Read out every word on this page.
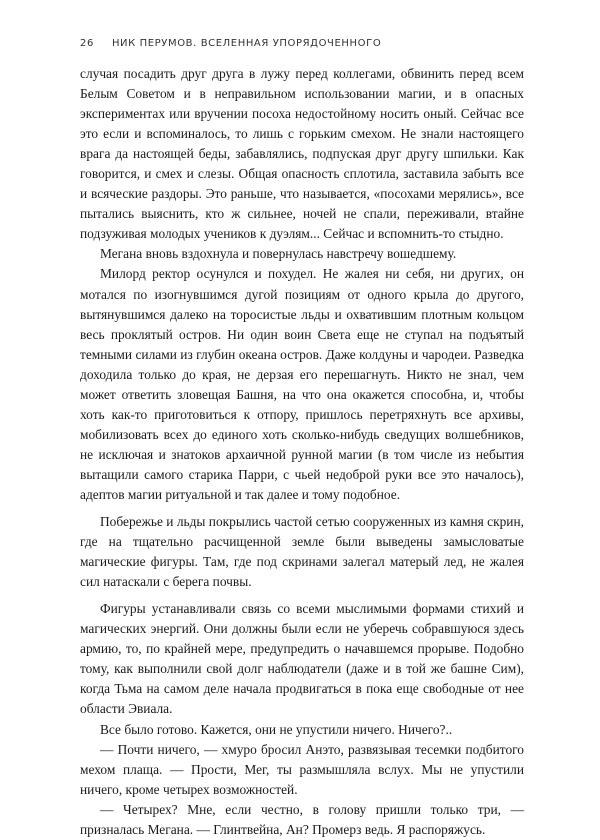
26 НИК ПЕРУМОВ. ВСЕЛЕННАЯ УПОРЯДОЧЕННОГО

случая посадить друг друга в лужу перед коллегами, обвинить перед всем Белым Советом и в неправильном использовании магии, и в опасных экспериментах или вручении посоха недостойному носить оный. Сейчас все это если и вспоминалось, то лишь с горьким смехом. Не знали настоящего врага да настоящей беды, забавлялись, подпуская друг другу шпильки. Как говорится, и смех и слезы. Общая опасность сплотила, заставила забыть все и всяческие раздоры. Это раньше, что называется, «посохами мерялись», все пытались выяснить, кто ж сильнее, ночей не спали, переживали, втайне подзуживая молодых учеников к дуэлям... Сейчас и вспомнить-то стыдно.

Мегана вновь вздохнула и повернулась навстречу вошедшему.

Милорд ректор осунулся и похудел. Не жалея ни себя, ни других, он мотался по изогнувшимся дугой позициям от одного крыла до другого, вытянувшимся далеко на торосистые льды и охватившим плотным кольцом весь проклятый остров. Ни один воин Света еще не ступал на подъятый темными силами из глубин океана остров. Даже колдуны и чародеи. Разведка доходила только до края, не дерзая его перешагнуть. Никто не знал, чем может ответить зловещая Башня, на что она окажется способна, и, чтобы хоть как-то приготовиться к отпору, пришлось перетряхнуть все архивы, мобилизовать всех до единого хоть сколько-нибудь сведущих волшебников, не исключая и знатоков архаичной рунной магии (в том числе из небытия вытащили самого старика Парри, с чьей недоброй руки все это началось), адептов магии ритуальной и так далее и тому подобное.

Побережье и льды покрылись частой сетью сооруженных из камня скрин, где на тщательно расчищенной земле были выведены замысловатые магические фигуры. Там, где под скринами залегал матерый лед, не жалея сил натаскали с берега почвы.

Фигуры устанавливали связь со всеми мыслимыми формами стихий и магических энергий. Они должны были если не уберечь собравшуюся здесь армию, то, по крайней мере, предупредить о начавшемся прорыве. Подобно тому, как выполнили свой долг наблюдатели (даже и в той же башне Сим), когда Тьма на самом деле начала продвигаться в пока еще свободные от нее области Эвиала.

Все было готово. Кажется, они не упустили ничего. Ничего?..

— Почти ничего, — хмуро бросил Анэто, развязывая тесемки подбитого мехом плаща. — Прости, Мег, ты размышляла вслух. Мы не упустили ничего, кроме четырех возможностей.

— Четырех? Мне, если честно, в голову пришли только три, — призналась Мегана. — Глинтвейна, Ан? Промерз ведь. Я распоряжусь.
